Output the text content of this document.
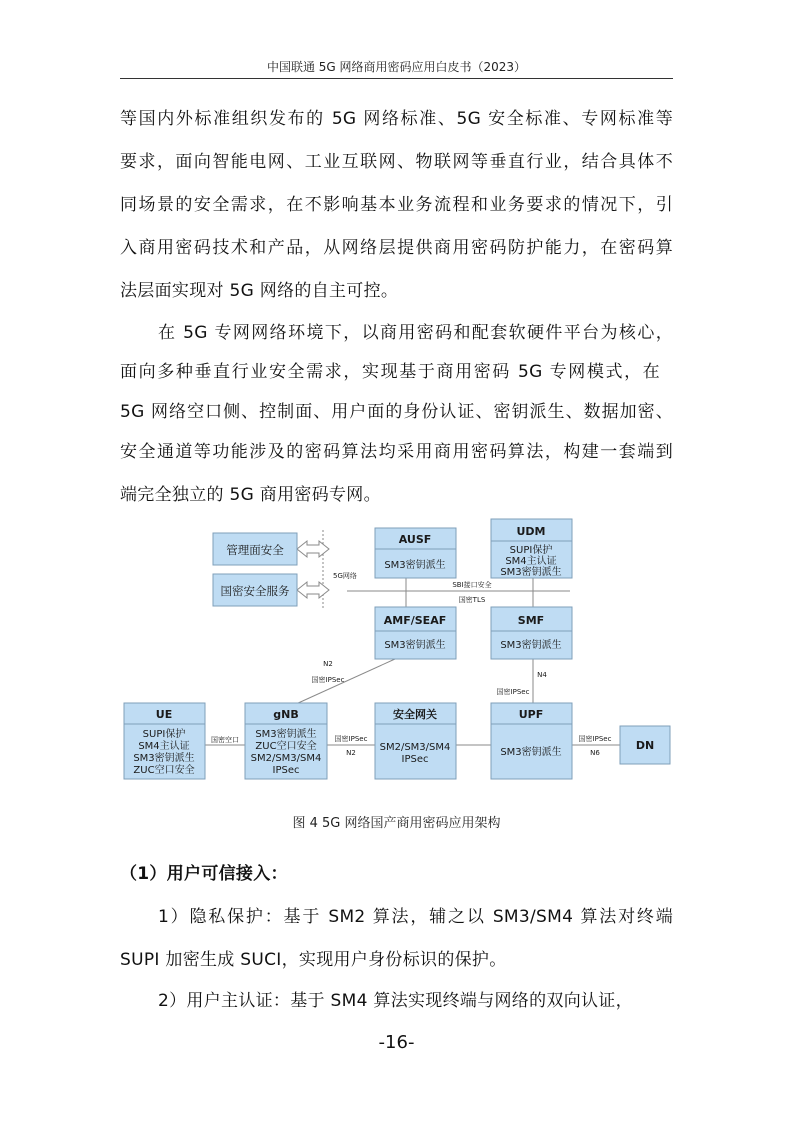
中国联通 5G 网络商用密码应用白皮书（2023）
等国内外标准组织发布的 5G 网络标准、5G 安全标准、专网标准等
要求，面向智能电网、工业互联网、物联网等垂直行业，结合具体不
同场景的安全需求，在不影响基本业务流程和业务要求的情况下，引
入商用密码技术和产品，从网络层提供商用密码防护能力，在密码算
法层面实现对 5G 网络的自主可控。
在 5G 专网网络环境下，以商用密码和配套软硬件平台为核心，
面向多种垂直行业安全需求，实现基于商用密码 5G 专网模式，在
5G 网络空口侧、控制面、用户面的身份认证、密钥派生、数据加密、
安全通道等功能涉及的密码算法均采用商用密码算法，构建一套端到
端完全独立的 5G 商用密码专网。
管理面安全
国密安全服务
5G网络
AUSF
SM3密钥派生
UDM
SUPI保护
SM4主认证
SM3密钥派生
SBI接口安全
国密TLS
AMF/SEAF
SM3密钥派生
SMF
SM3密钥派生
N2
国密IPSec
N4
国密IPSec
UE
SUPI保护
SM4主认证
SM3密钥派生
ZUC空口安全
国密空口
gNB
SM3密钥派生
ZUC空口安全
SM2/SM3/SM4
IPSec
国密IPSec
N2
安全网关
SM2/SM3/SM4
IPSec
UPF
SM3密钥派生
国密IPSec
N6
DN
图 4 5G 网络国产商用密码应用架构
（1）用户可信接入：
1）隐私保护：基于 SM2 算法，辅之以 SM3/SM4 算法对终端
SUPI 加密生成 SUCI，实现用户身份标识的保护。
2）用户主认证：基于 SM4 算法实现终端与网络的双向认证，
-16-
